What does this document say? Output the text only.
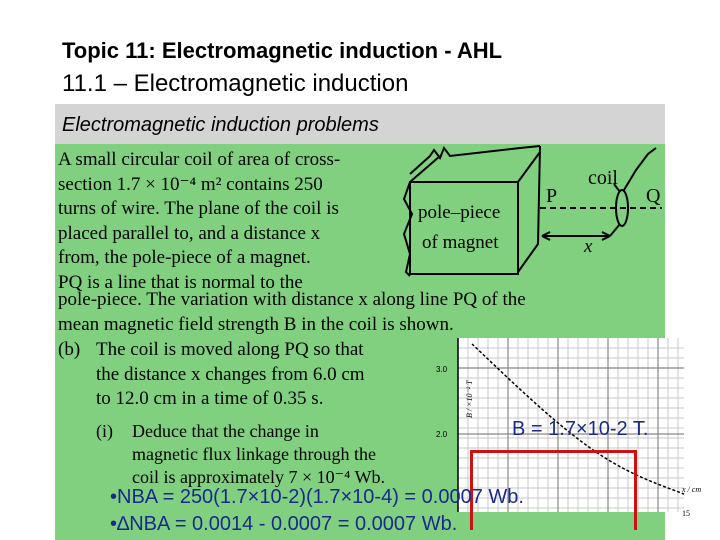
Topic 11: Electromagnetic induction - AHL
11.1 – Electromagnetic induction
Electromagnetic induction problems
A small circular coil of area of cross-
section 1.7 × 10⁻⁴ m² contains 250
turns of wire. The plane of the coil is
placed parallel to, and a distance x
from, the pole-piece of a magnet.
PQ is a line that is normal to the
pole-piece. The variation with distance x along line PQ of the
mean magnetic field strength B in the coil is shown.
(b) The coil is moved along PQ so that
the distance x changes from 6.0 cm
to 12.0 cm in a time of 0.35 s.
(i)	Deduce that the change in
magnetic flux linkage through the
coil is approximately 7 × 10⁻⁴ Wb.
pole–piece
of magnet
P	Q
coil
x
3.0
2.0
B / ×10⁻² T
x / cm
15
B = 1.7×10-2 T.
•NBA = 250(1.7×10-2)(1.7×10-4) = 0.0007 Wb.
•∆NBA = 0.0014 - 0.0007 = 0.0007 Wb.
